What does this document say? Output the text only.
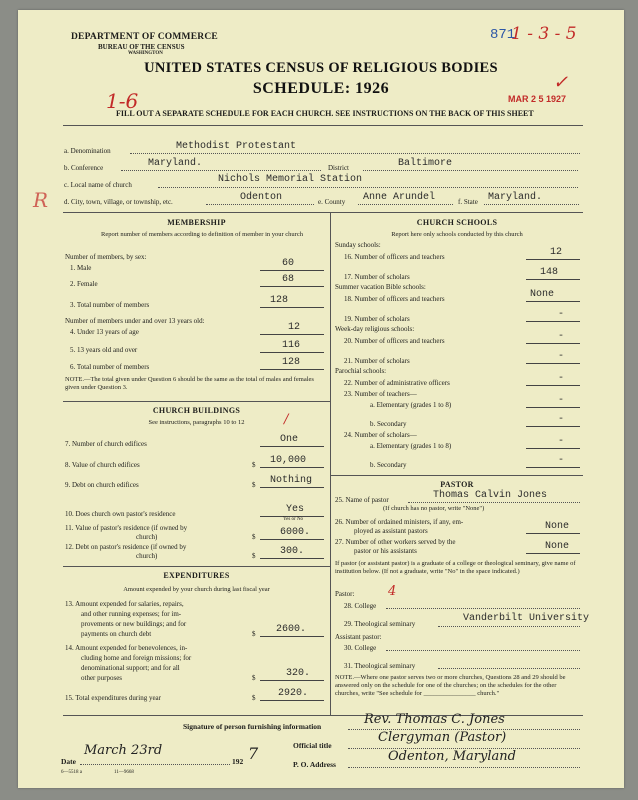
DEPARTMENT OF COMMERCE
BUREAU OF THE CENSUS
WASHINGTON
871
1 - 3 - 5
UNITED STATES CENSUS OF RELIGIOUS BODIES
SCHEDULE: 1926
1-6	MAR 2 5 1927
✓
FILL OUT A SEPARATE SCHEDULE FOR EACH CHURCH. SEE INSTRUCTIONS ON THE BACK OF THIS SHEET
R
a. Denomination	Methodist Protestant
b. Conference	Maryland.	District	Baltimore
c. Local name of church	Nichols Memorial Station
d. City, town, village, or township, etc.	Odenton	e. County Anne Arundel	f. State Maryland.
MEMBERSHIP
Report number of members according to definition of member in your church
Number of members, by sex:
1. Male	60
2. Female	68
3. Total number of members	128
Number of members under and over 13 years old:
4. Under 13 years of age	12
5. 13 years old and over	116
6. Total number of members	128
NOTE.—The total given under Question 6 should be the same as the total of males and females given under Question 3.
CHURCH BUILDINGS
See instructions, paragraphs 10 to 12	/
7. Number of church edifices	One
8. Value of church edifices	$ 10,000
9. Debt on church edifices	$ Nothing
10. Does church own pastor's residence	Yes
Yes or No
11. Value of pastor's residence (if owned by
church)	$ 6000.
12. Debt on pastor's residence (if owned by
church)	$ 300.
EXPENDITURES
Amount expended by your church during last fiscal year
13. Amount expended for salaries, repairs,
and other running expenses; for im-
provements or new buildings; and for
payments on church debt	$ 2600.
14. Amount expended for benevolences, in-
cluding home and foreign missions; for
denominational support; and for all
other purposes	$	320.
15. Total expenditures during year	$ 2920.
CHURCH SCHOOLS
Report here only schools conducted by this church
Sunday schools:
16. Number of officers and teachers	12
17. Number of scholars	148
Summer vacation Bible schools:
18. Number of officers and teachers	None
19. Number of scholars	-
Week-day religious schools:
20. Number of officers and teachers	-
21. Number of scholars	-
Parochial schools:
22. Number of administrative officers	-
23. Number of teachers—
a. Elementary (grades 1 to 8)	-
b. Secondary	-
24. Number of scholars—
a. Elementary (grades 1 to 8)	-
b. Secondary	-
PASTOR
25. Name of pastor	Thomas Calvin Jones
(If church has no pastor, write "None")
26. Number of ordained ministers, if any, em-
ployed as assistant pastors	None
27. Number of other workers served by the
pastor or his assistants	None
If pastor (or assistant pastor) is a graduate of a college or theological seminary, give name of institution below. (If not a graduate, write "No" in the space indicated.)
Pastor:	4
28. College
29. Theological seminary	Vanderbilt University
Assistant pastor:
30. College
31. Theological seminary
NOTE.—Where one pastor serves two or more churches, Questions 28 and 29 should be answered only on the schedule for one of the churches; on the schedules for the other churches, write "See schedule for ________________ church."
Signature of person furnishing information	Rev. Thomas C. Jones
Official title
Clergyman (Pastor)
P. O. Address
Odenton, Maryland
Date
March 23rd
192 7
6—5518 a	11—9668
